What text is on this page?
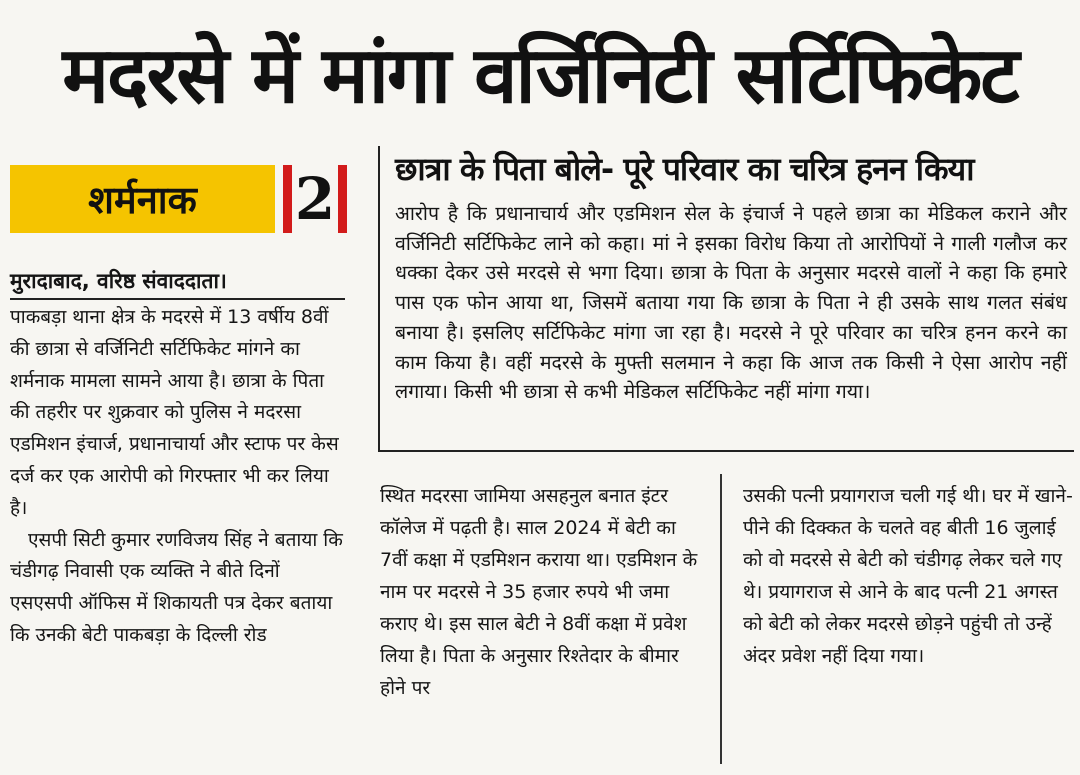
मदरसे में मांगा वर्जिनिटी सर्टिफिकेट
शर्मनाक 2

मुरादाबाद, वरिष्ठ संवाददाता।

पाकबड़ा थाना क्षेत्र के मदरसे में 13 वर्षीय 8वीं की छात्रा से वर्जिनिटी सर्टिफिकेट मांगने का शर्मनाक मामला सामने आया है। छात्रा के पिता की तहरीर पर शुक्रवार को पुलिस ने मदरसा एडमिशन इंचार्ज, प्रधानाचार्या और स्टाफ पर केस दर्ज कर एक आरोपी को गिरफ्तार भी कर लिया है।

एसपी सिटी कुमार रणविजय सिंह ने बताया कि चंडीगढ़ निवासी एक व्यक्ति ने बीते दिनों एसएसपी ऑफिस में शिकायती पत्र देकर बताया कि उनकी बेटी पाकबड़ा के दिल्ली रोड

छात्रा के पिता बोले- पूरे परिवार का चरित्र हनन किया

आरोप है कि प्रधानाचार्य और एडमिशन सेल के इंचार्ज ने पहले छात्रा का मेडिकल कराने और वर्जिनिटी सर्टिफिकेट लाने को कहा। मां ने इसका विरोध किया तो आरोपियों ने गाली गलौज कर धक्का देकर उसे मरदसे से भगा दिया। छात्रा के पिता के अनुसार मदरसे वालों ने कहा कि हमारे पास एक फोन आया था, जिसमें बताया गया कि छात्रा के पिता ने ही उसके साथ गलत संबंध बनाया है। इसलिए सर्टिफिकेट मांगा जा रहा है। मदरसे ने पूरे परिवार का चरित्र हनन करने का काम किया है। वहीं मदरसे के मुफ्ती सलमान ने कहा कि आज तक किसी ने ऐसा आरोप नहीं लगाया। किसी भी छात्रा से कभी मेडिकल सर्टिफिकेट नहीं मांगा गया।

स्थित मदरसा जामिया असहनुल बनात इंटर कॉलेज में पढ़ती है। साल 2024 में बेटी का 7वीं कक्षा में एडमिशन कराया था। एडमिशन के नाम पर मदरसे ने 35 हजार रुपये भी जमा कराए थे। इस साल बेटी ने 8वीं कक्षा में प्रवेश लिया है। पिता के अनुसार रिश्तेदार के बीमार होने पर

उसकी पत्नी प्रयागराज चली गई थी। घर में खाने-पीने की दिक्कत के चलते वह बीती 16 जुलाई को वो मदरसे से बेटी को चंडीगढ़ लेकर चले गए थे। प्रयागराज से आने के बाद पत्नी 21 अगस्त को बेटी को लेकर मदरसे छोड़ने पहुंची तो उन्हें अंदर प्रवेश नहीं दिया गया।
